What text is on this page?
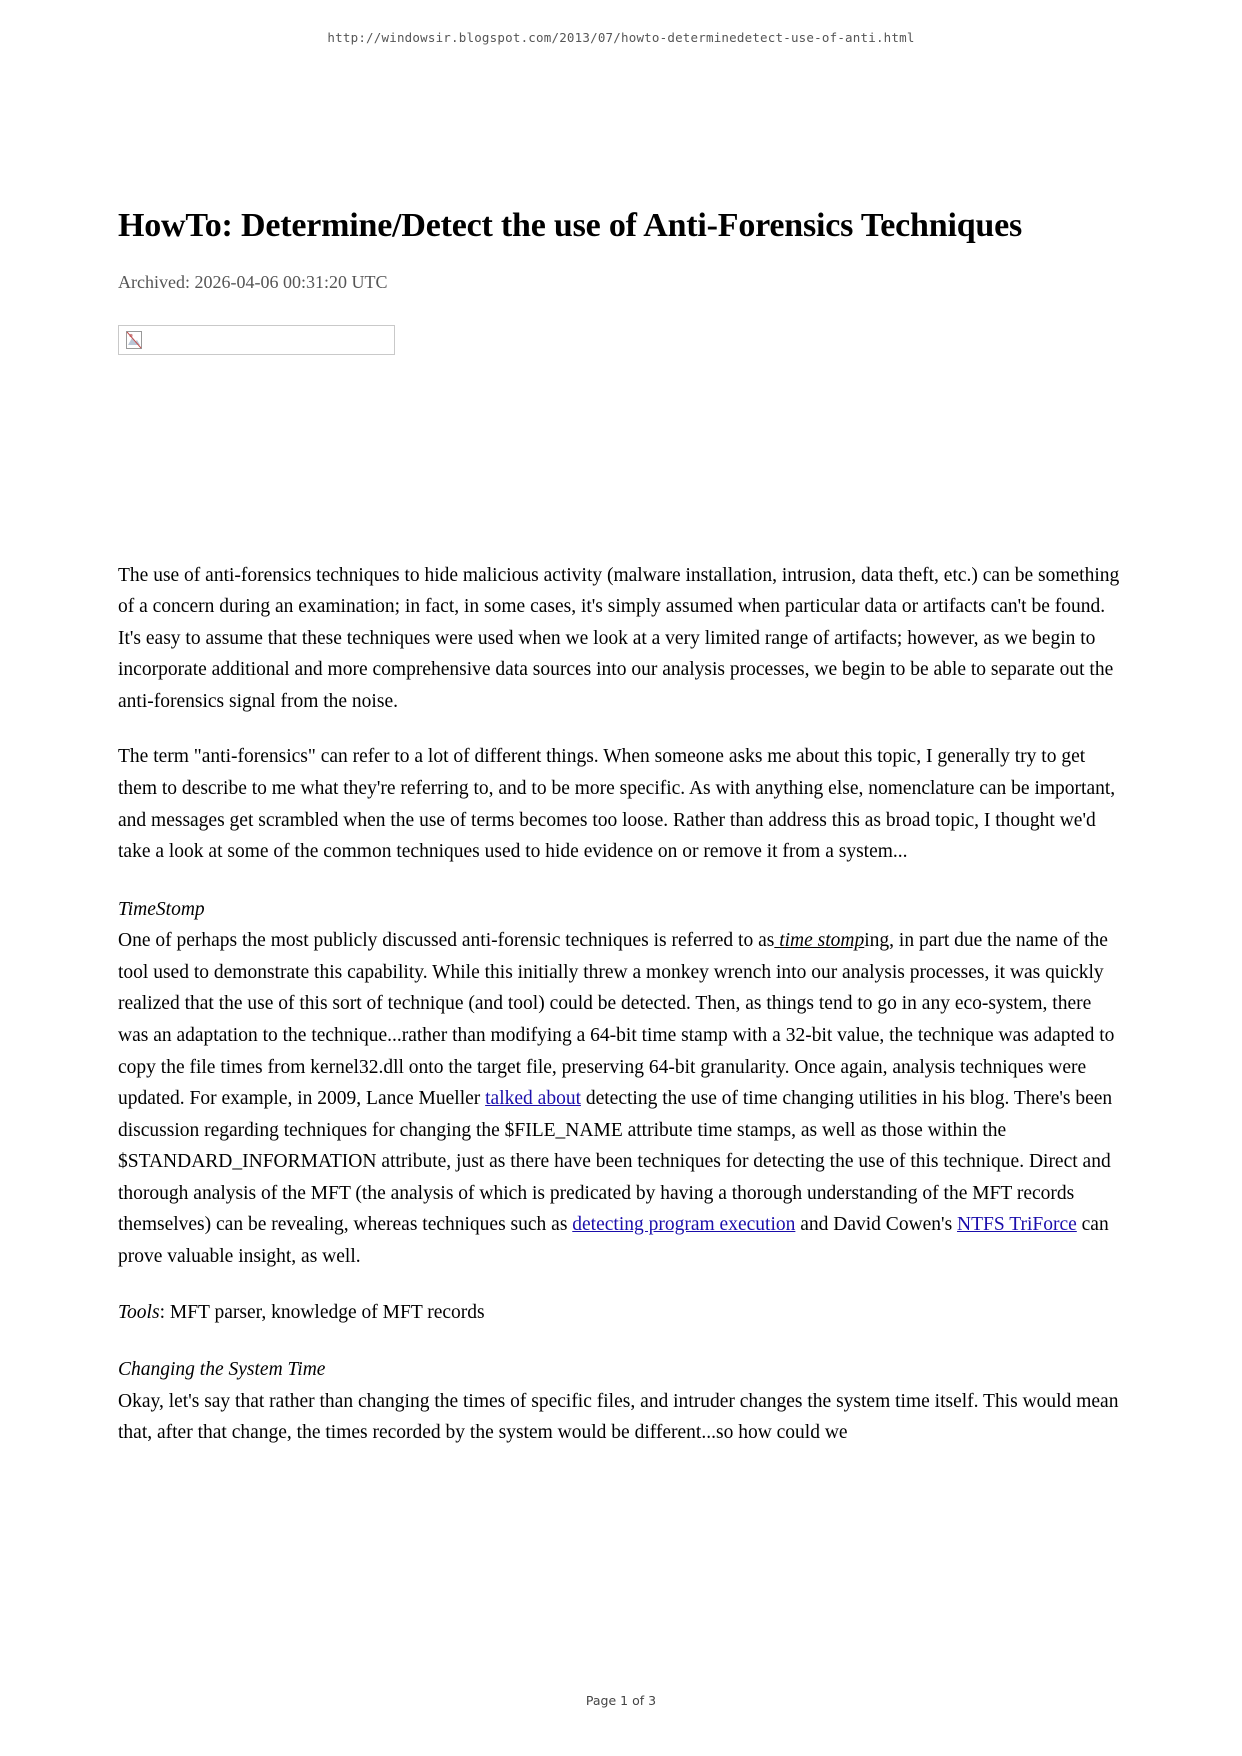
http://windowsir.blogspot.com/2013/07/howto-determinedetect-use-of-anti.html
HowTo: Determine/Detect the use of Anti-Forensics Techniques
Archived: 2026-04-06 00:31:20 UTC

The use of anti-forensics techniques to hide malicious activity (malware installation, intrusion, data theft, etc.) can be something of a concern during an examination; in fact, in some cases, it's simply assumed when particular data or artifacts can't be found. It's easy to assume that these techniques were used when we look at a very limited range of artifacts; however, as we begin to incorporate additional and more comprehensive data sources into our analysis processes, we begin to be able to separate out the anti-forensics signal from the noise.

The term "anti-forensics" can refer to a lot of different things. When someone asks me about this topic, I generally try to get them to describe to me what they're referring to, and to be more specific. As with anything else, nomenclature can be important, and messages get scrambled when the use of terms becomes too loose. Rather than address this as broad topic, I thought we'd take a look at some of the common techniques used to hide evidence on or remove it from a system...

TimeStomp

One of perhaps the most publicly discussed anti-forensic techniques is referred to as time stomping, in part due the name of the tool used to demonstrate this capability. While this initially threw a monkey wrench into our analysis processes, it was quickly realized that the use of this sort of technique (and tool) could be detected. Then, as things tend to go in any eco-system, there was an adaptation to the technique...rather than modifying a 64-bit time stamp with a 32-bit value, the technique was adapted to copy the file times from kernel32.dll onto the target file, preserving 64-bit granularity. Once again, analysis techniques were updated. For example, in 2009, Lance Mueller talked about detecting the use of time changing utilities in his blog. There's been discussion regarding techniques for changing the $FILE_NAME attribute time stamps, as well as those within the $STANDARD_INFORMATION attribute, just as there have been techniques for detecting the use of this technique. Direct and thorough analysis of the MFT (the analysis of which is predicated by having a thorough understanding of the MFT records themselves) can be revealing, whereas techniques such as detecting program execution and David Cowen's NTFS TriForce can prove valuable insight, as well.

Tools: MFT parser, knowledge of MFT records

Changing the System Time

Okay, let's say that rather than changing the times of specific files, and intruder changes the system time itself. This would mean that, after that change, the times recorded by the system would be different...so how could we

Page 1 of 3
